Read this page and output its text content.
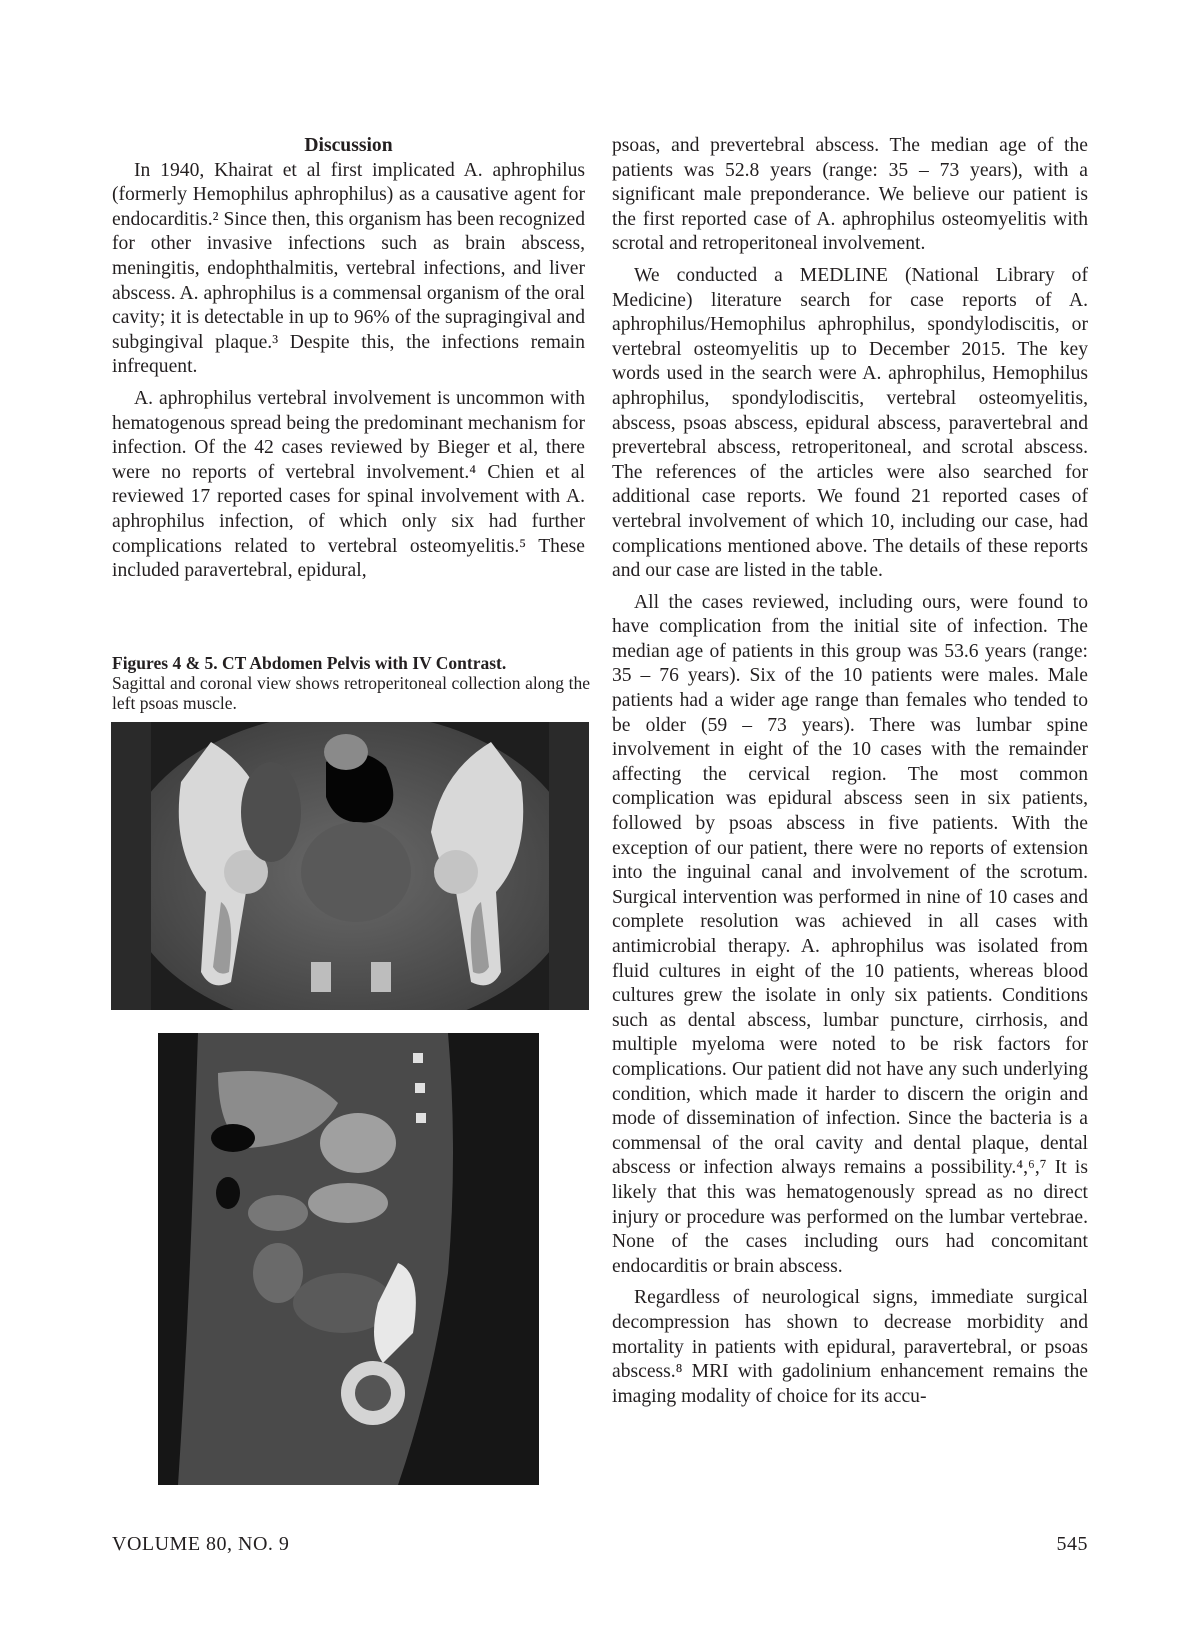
Discussion

In 1940, Khairat et al first implicated A. aphrophilus (formerly Hemophilus aphrophilus) as a causative agent for endocarditis.² Since then, this organism has been recognized for other invasive infections such as brain abscess, meningitis, endophthalmitis, vertebral infections, and liver abscess. A. aphrophilus is a commensal organism of the oral cavity; it is detectable in up to 96% of the supragingival and subgingival plaque.³ Despite this, the infections remain infrequent.

A. aphrophilus vertebral involvement is uncommon with hematogenous spread being the predominant mechanism for infection. Of the 42 cases reviewed by Bieger et al, there were no reports of vertebral involvement.⁴ Chien et al reviewed 17 reported cases for spinal involvement with A. aphrophilus infection, of which only six had further complications related to vertebral osteomyelitis.⁵ These included paravertebral, epidural,

Figures 4 & 5. CT Abdomen Pelvis with IV Contrast.
Sagittal and coronal view shows retroperitoneal collection along the left psoas muscle.

psoas, and prevertebral abscess. The median age of the patients was 52.8 years (range: 35 – 73 years), with a significant male preponderance. We believe our patient is the first reported case of A. aphrophilus osteomyelitis with scrotal and retroperitoneal involvement.

We conducted a MEDLINE (National Library of Medicine) literature search for case reports of A. aphrophilus/Hemophilus aphrophilus, spondylodiscitis, or vertebral osteomyelitis up to December 2015. The key words used in the search were A. aphrophilus, Hemophilus aphrophilus, spondylodiscitis, vertebral osteomyelitis, abscess, psoas abscess, epidural abscess, paravertebral and prevertebral abscess, retroperitoneal, and scrotal abscess. The references of the articles were also searched for additional case reports. We found 21 reported cases of vertebral involvement of which 10, including our case, had complications mentioned above. The details of these reports and our case are listed in the table.

All the cases reviewed, including ours, were found to have complication from the initial site of infection. The median age of patients in this group was 53.6 years (range: 35 – 76 years). Six of the 10 patients were males. Male patients had a wider age range than females who tended to be older (59 – 73 years). There was lumbar spine involvement in eight of the 10 cases with the remainder affecting the cervical region. The most common complication was epidural abscess seen in six patients, followed by psoas abscess in five patients. With the exception of our patient, there were no reports of extension into the inguinal canal and involvement of the scrotum. Surgical intervention was performed in nine of 10 cases and complete resolution was achieved in all cases with antimicrobial therapy. A. aphrophilus was isolated from fluid cultures in eight of the 10 patients, whereas blood cultures grew the isolate in only six patients. Conditions such as dental abscess, lumbar puncture, cirrhosis, and multiple myeloma were noted to be risk factors for complications. Our patient did not have any such underlying condition, which made it harder to discern the origin and mode of dissemination of infection. Since the bacteria is a commensal of the oral cavity and dental plaque, dental abscess or infection always remains a possibility.⁴,⁶,⁷ It is likely that this was hematogenously spread as no direct injury or procedure was performed on the lumbar vertebrae. None of the cases including ours had concomitant endocarditis or brain abscess.

Regardless of neurological signs, immediate surgical decompression has shown to decrease morbidity and mortality in patients with epidural, paravertebral, or psoas abscess.⁸ MRI with gadolinium enhancement remains the imaging modality of choice for its accu-

VOLUME 80, NO. 9	545
